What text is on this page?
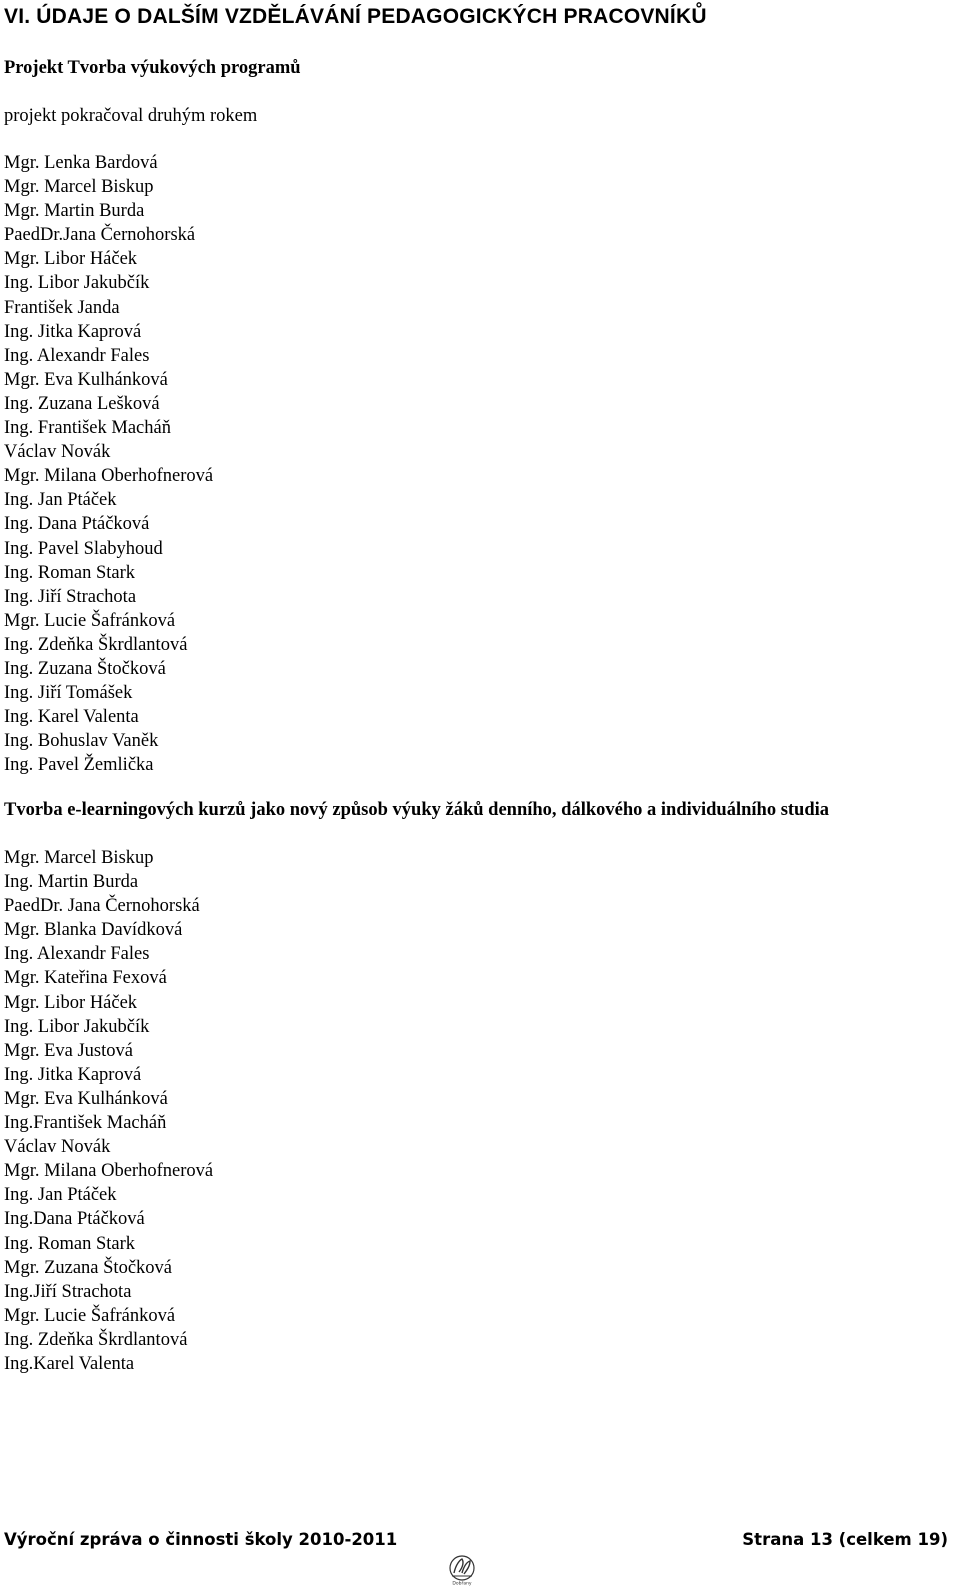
VI. ÚDAJE O DALŠÍM VZDĚLÁVÁNÍ PEDAGOGICKÝCH PRACOVNÍKŮ
Projekt Tvorba výukových programů

projekt pokračoval druhým rokem

Mgr. Lenka Bardová
Mgr. Marcel Biskup
Mgr. Martin Burda
PaedDr.Jana Černohorská
Mgr. Libor Háček
Ing. Libor Jakubčík
František Janda
Ing. Jitka Kaprová
Ing. Alexandr Fales
Mgr. Eva Kulhánková
Ing. Zuzana Lešková
Ing. František Macháň
Václav Novák
Mgr. Milana Oberhofnerová
Ing. Jan Ptáček
Ing. Dana Ptáčková
Ing. Pavel Slabyhoud
Ing. Roman Stark
Ing. Jiří Strachota
Mgr. Lucie Šafránková
Ing. Zdeňka Škrdlantová
Ing. Zuzana Štočková
Ing. Jiří Tomášek
Ing. Karel Valenta
Ing. Bohuslav Vaněk
Ing. Pavel Žemlička
Tvorba e-learningových kurzů jako nový způsob výuky žáků denního, dálkového a individuálního studia
Mgr. Marcel Biskup
Ing. Martin Burda
PaedDr. Jana Černohorská
Mgr. Blanka Davídková
Ing. Alexandr Fales
Mgr. Kateřina Fexová
Mgr. Libor Háček
Ing. Libor Jakubčík
Mgr. Eva Justová
Ing. Jitka Kaprová
Mgr. Eva Kulhánková
Ing.František Macháň
Václav Novák
Mgr. Milana Oberhofnerová
Ing. Jan Ptáček
Ing.Dana Ptáčková
Ing. Roman Stark
Mgr. Zuzana Štočková
Ing.Jiří Strachota
Mgr. Lucie Šafránková
Ing. Zdeňka Škrdlantová
Ing.Karel Valenta
Výroční zpráva o činnosti školy 2010-2011	Strana 13 (celkem 19)
Dobřany
